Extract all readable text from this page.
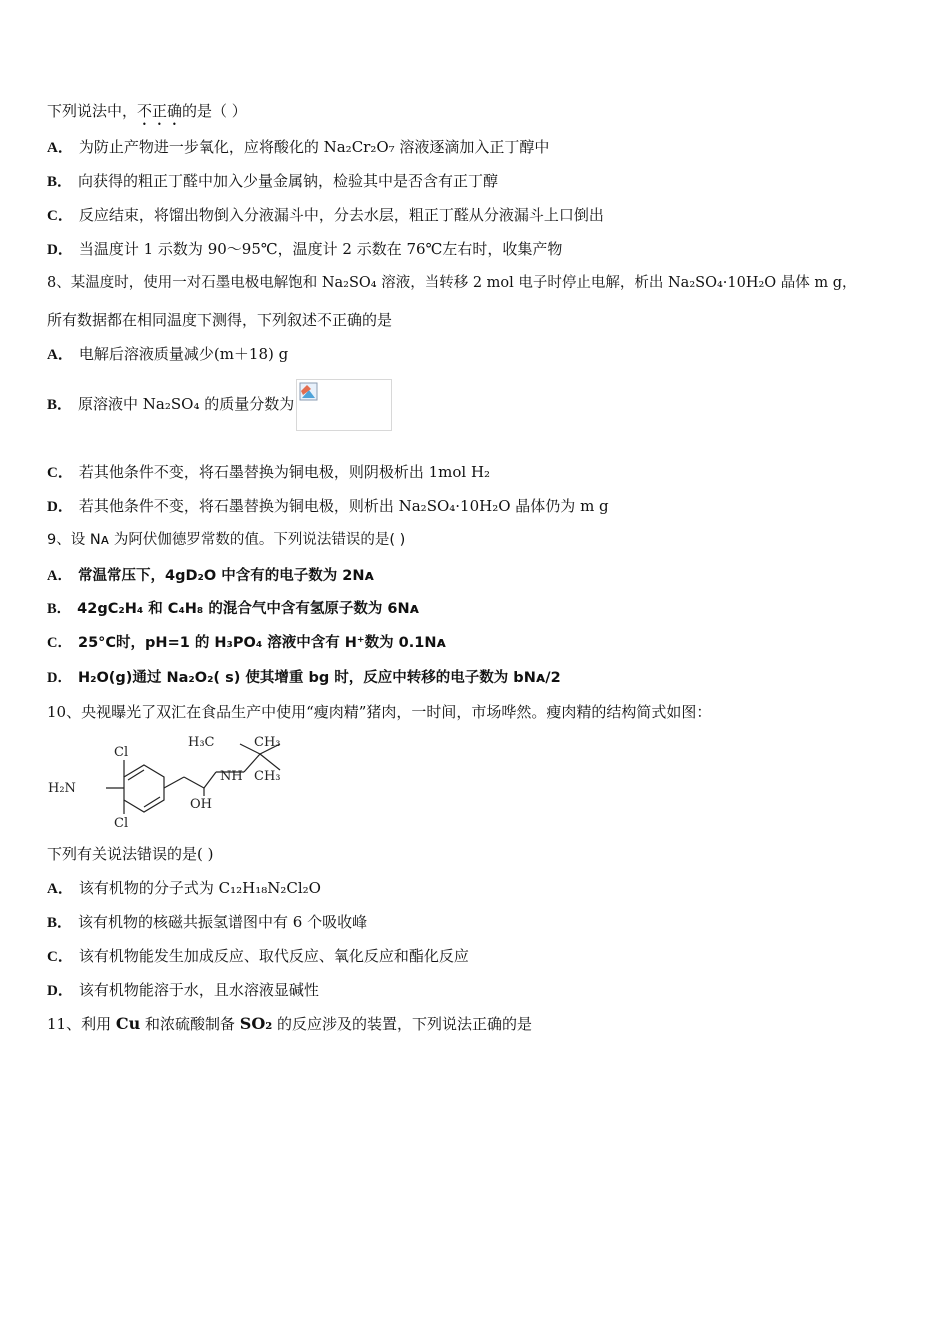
下列说法中，不正确的是（ ）
A． 为防止产物进一步氧化，应将酸化的 Na₂Cr₂O₇ 溶液逐滴加入正丁醇中
B． 向获得的粗正丁醛中加入少量金属钠，检验其中是否含有正丁醇
C． 反应结束，将馏出物倒入分液漏斗中，分去水层，粗正丁醛从分液漏斗上口倒出
D． 当温度计 1 示数为 90～95℃，温度计 2 示数在 76℃左右时，收集产物
8、某温度时，使用一对石墨电极电解饱和 Na₂SO₄ 溶液，当转移 2 mol 电子时停止电解，析出 Na₂SO₄·10H₂O 晶体 m g，
所有数据都在相同温度下测得，下列叙述不正确的是
A． 电解后溶液质量减少(m＋18) g
B． 原溶液中 Na₂SO₄ 的质量分数为
C． 若其他条件不变，将石墨替换为铜电极，则阴极析出 1mol H₂
D． 若其他条件不变，将石墨替换为铜电极，则析出 Na₂SO₄·10H₂O 晶体仍为 m g
9、设 Nᴀ 为阿伏伽德罗常数的值。下列说法错误的是( )
A． 常温常压下，4gD₂O 中含有的电子数为 2Nᴀ
B． 42gC₂H₄ 和 C₄H₈ 的混合气中含有氢原子数为 6Nᴀ
C． 25°C时，pH=1 的 H₃PO₄ 溶液中含有 H⁺数为 0.1Nᴀ
D． H₂O(g)通过 Na₂O₂( s) 使其增重 bg 时，反应中转移的电子数为 bNᴀ/2
10、央视曝光了双汇在食品生产中使用“瘦肉精”猪肉，一时间，市场哗然。瘦肉精的结构简式如图：
Cl
Cl
H₂N
H₃C	CH₃
CH₃
NH
OH
下列有关说法错误的是( )
A． 该有机物的分子式为 C₁₂H₁₈N₂Cl₂O
B． 该有机物的核磁共振氢谱图中有 6 个吸收峰
C． 该有机物能发生加成反应、取代反应、氧化反应和酯化反应
D． 该有机物能溶于水，且水溶液显碱性
11、利用 Cu 和浓硫酸制备 SO₂ 的反应涉及的装置，下列说法正确的是
